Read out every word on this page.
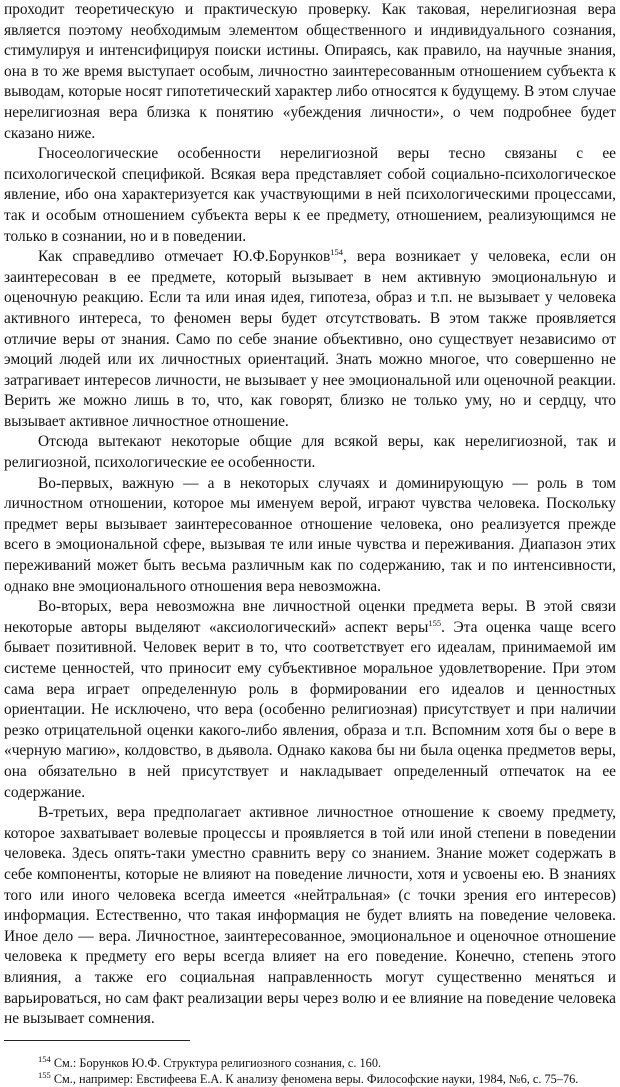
проходит теоретическую и практическую проверку. Как таковая, нерелигиозная вера является поэтому необходимым элементом общественного и индивидуального сознания, стимулируя и интенсифицируя поиски истины. Опираясь, как правило, на научные знания, она в то же время выступает особым, личностно заинтересованным отношением субъекта к выводам, которые носят гипотетический характер либо относятся к будущему. В этом случае нерелигиозная вера близка к понятию «убеждения личности», о чем подробнее будет сказано ниже.

Гносеологические особенности нерелигиозной веры тесно связаны с ее психологической спецификой. Всякая вера представляет собой социально-психологическое явление, ибо она характеризуется как участвующими в ней психологическими процессами, так и особым отношением субъекта веры к ее предмету, отношением, реализующимся не только в сознании, но и в поведении.

Как справедливо отмечает Ю.Ф.Борунков$^{154}$, вера возникает у человека, если он заинтересован в ее предмете, который вызывает в нем активную эмоциональную и оценочную реакцию. Если та или иная идея, гипотеза, образ и т.п. не вызывает у человека активного интереса, то феномен веры будет отсутствовать. В этом также проявляется отличие веры от знания. Само по себе знание объективно, оно существует независимо от эмоций людей или их личностных ориентаций. Знать можно многое, что совершенно не затрагивает интересов личности, не вызывает у нее эмоциональной или оценочной реакции. Верить же можно лишь в то, что, как говорят, близко не только уму, но и сердцу, что вызывает активное личностное отношение.

Отсюда вытекают некоторые общие для всякой веры, как нерелигиозной, так и религиозной, психологические ее особенности.

Во-первых, важную — а в некоторых случаях и доминирующую — роль в том личностном отношении, которое мы именуем верой, играют чувства человека. Поскольку предмет веры вызывает заинтересованное отношение человека, оно реализуется прежде всего в эмоциональной сфере, вызывая те или иные чувства и переживания. Диапазон этих переживаний может быть весьма различным как по содержанию, так и по интенсивности, однако вне эмоционального отношения вера невозможна.

Во-вторых, вера невозможна вне личностной оценки предмета веры. В этой связи некоторые авторы выделяют «аксиологический» аспект веры$^{155}$. Эта оценка чаще всего бывает позитивной. Человек верит в то, что соответствует его идеалам, принимаемой им системе ценностей, что приносит ему субъективное моральное удовлетворение. При этом сама вера играет определенную роль в формировании его идеалов и ценностных ориентации. Не исключено, что вера (особенно религиозная) присутствует и при наличии резко отрицательной оценки какого-либо явления, образа и т.п. Вспомним хотя бы о вере в «черную магию», колдовство, в дьявола. Однако какова бы ни была оценка предметов веры, она обязательно в ней присутствует и накладывает определенный отпечаток на ее содержание.

В-третьих, вера предполагает активное личностное отношение к своему предмету, которое захватывает волевые процессы и проявляется в той или иной степени в поведении человека. Здесь опять-таки уместно сравнить веру со знанием. Знание может содержать в себе компоненты, которые не влияют на поведение личности, хотя и усвоены ею. В знаниях того или иного человека всегда имеется «нейтральная» (с точки зрения его интересов) информация. Естественно, что такая информация не будет влиять на поведение человека. Иное дело — вера. Личностное, заинтересованное, эмоциональное и оценочное отношение человека к предмету его веры всегда влияет на его поведение. Конечно, степень этого влияния, а также его социальная направленность могут существенно меняться и варьироваться, но сам факт реализации веры через волю и ее влияние на поведение человека не вызывает сомнения.

$^{154}$ См.: Борунков Ю.Ф. Структура религиозного сознания, с. 160.

$^{155}$ См., например: Евстифеева Е.А. К анализу феномена веры. Философские науки, 1984, №6, с. 75–76.
